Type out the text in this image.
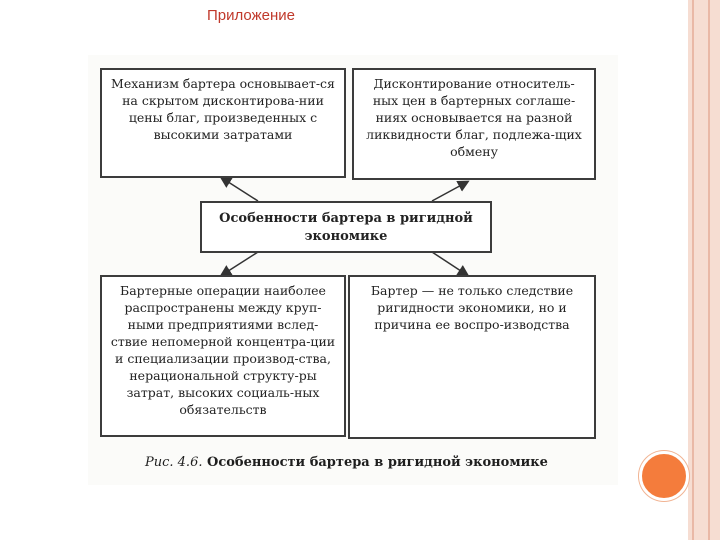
Приложение
Механизм бартера основывает-ся на скрытом дисконтирова-нии цены благ, произведенных с высокими затратами
Дисконтирование относитель-ных цен в бартерных соглаше-ниях основывается на разной ликвидности благ, подлежа-щих обмену
Особенности бартера в ригидной экономике
Бартерные операции наиболее распространены между круп-ными предприятиями вслед-ствие непомерной концентра-ции и специализации производ-ства, нерациональной структу-ры затрат, высоких социаль-ных обязательств
Бартер — не только следствие ригидности экономики, но и причина ее воспро-изводства
Рис. 4.6. Особенности бартера в ригидной экономике
